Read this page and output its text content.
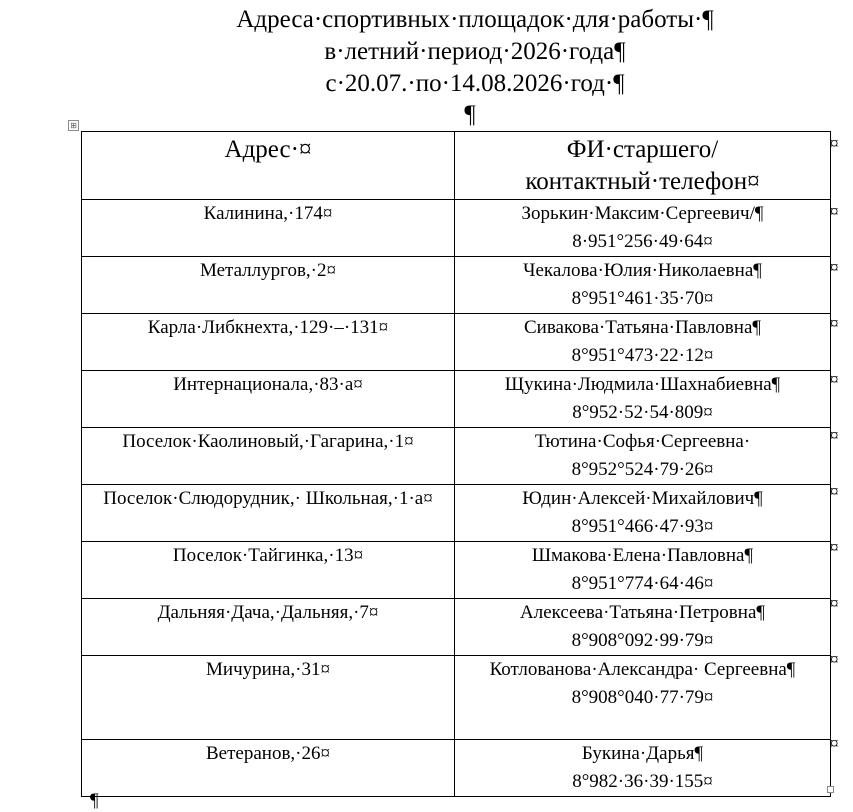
Адреса·спортивных·площадок·для·работы·¶
в·летний·период·2026·года¶
с·20.07.·по·14.08.2026·год·¶
¶
⊞
Адрес·¤	ФИ·старшего/контактный·телефон¤
Калинина,·174¤	Зорькин·Максим·Сергеевич/¶
8·951°256·49·64¤

Металлургов,·2¤	Чекалова·Юлия·Николаевна¶
8°951°461·35·70¤

Карла·Либкнехта,·129·–·131¤	Сивакова·Татьяна·Павловна¶
8°951°473·22·12¤

Интернационала,·83·а¤	Щукина·Людмила·Шахнабиевна¶
8°952·52·54·809¤

Поселок·Каолиновый,·Гагарина,·1¤	Тютина·Софья·Сергеевна·
8°952°524·79·26¤

Поселок·Слюдорудник,· Школьная,·1·а¤	Юдин·Алексей·Михайлович¶
8°951°466·47·93¤

Поселок·Тайгинка,·13¤	Шмакова·Елена·Павловна¶
8°951°774·64·46¤

Дальняя·Дача,·Дальняя,·7¤	Алексеева·Татьяна·Петровна¶
8°908°092·99·79¤

Мичурина,·31¤	Котлованова·Александра· Сергеевна¶
8°908°040·77·79¤

Ветеранов,·26¤	Букина·Дарья¶
8°982·36·39·155¤
¤
¤
¤
¤
¤
¤
¤
¤
¤
¤
¤
¶
